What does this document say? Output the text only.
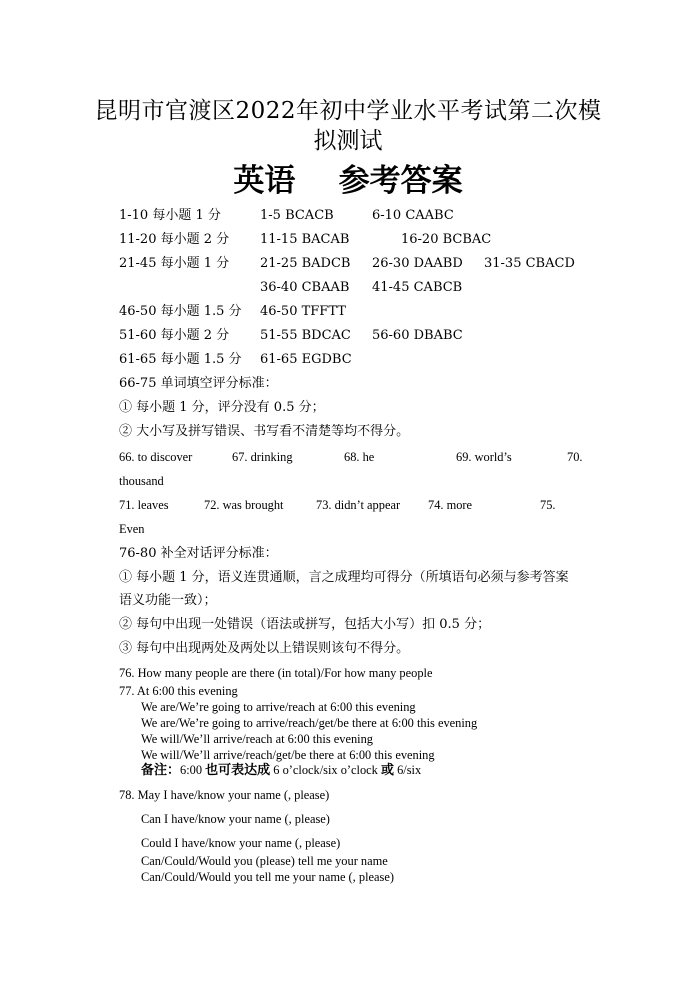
昆明市官渡区2022年初中学业水平考试第二次模
拟测试
英语    参考答案
1-10 每小题 1 分	1-5 BCACB	6-10 CAABC
11-20 每小题 2 分 11-15 BACAB	16-20 BCBAC
21-45 每小题 1 分 21-25 BADCB 26-30 DAABD 31-35 CBACD
36-40 CBAAB 41-45 CABCB
46-50 每小题 1.5 分 46-50 TFFTT
51-60 每小题 2 分 51-55 BDCAC 56-60 DBABC
61-65 每小题 1.5 分 61-65 EGDBC
66-75 单词填空评分标准：
① 每小题 1 分，评分没有 0.5 分；
② 大小写及拼写错误、书写看不清楚等均不得分。
66. to discover	67. drinking	68. he	69. world’s	70.
thousand
71. leaves	72. was brought	73. didn’t appear 74. more	75.
Even
76-80 补全对话评分标准：
① 每小题 1 分，语义连贯通顺，言之成理均可得分（所填语句必须与参考答案
语义功能一致）；
② 每句中出现一处错误（语法或拼写，包括大小写）扣 0.5 分；
③ 每句中出现两处及两处以上错误则该句不得分。
76. How many people are there (in total)/For how many people
77. At 6:00 this evening
We are/We’re going to arrive/reach at 6:00 this evening
We are/We’re going to arrive/reach/get/be there at 6:00 this evening
We will/We’ll arrive/reach at 6:00 this evening
We will/We’ll arrive/reach/get/be there at 6:00 this evening
备注：6:00 也可表达成 6 o’clock/six o’clock 或 6/six
78. May I have/know your name (, please)
Can I have/know your name (, please)
Could I have/know your name (, please)
Can/Could/Would you (please) tell me your name
Can/Could/Would you tell me your name (, please)
